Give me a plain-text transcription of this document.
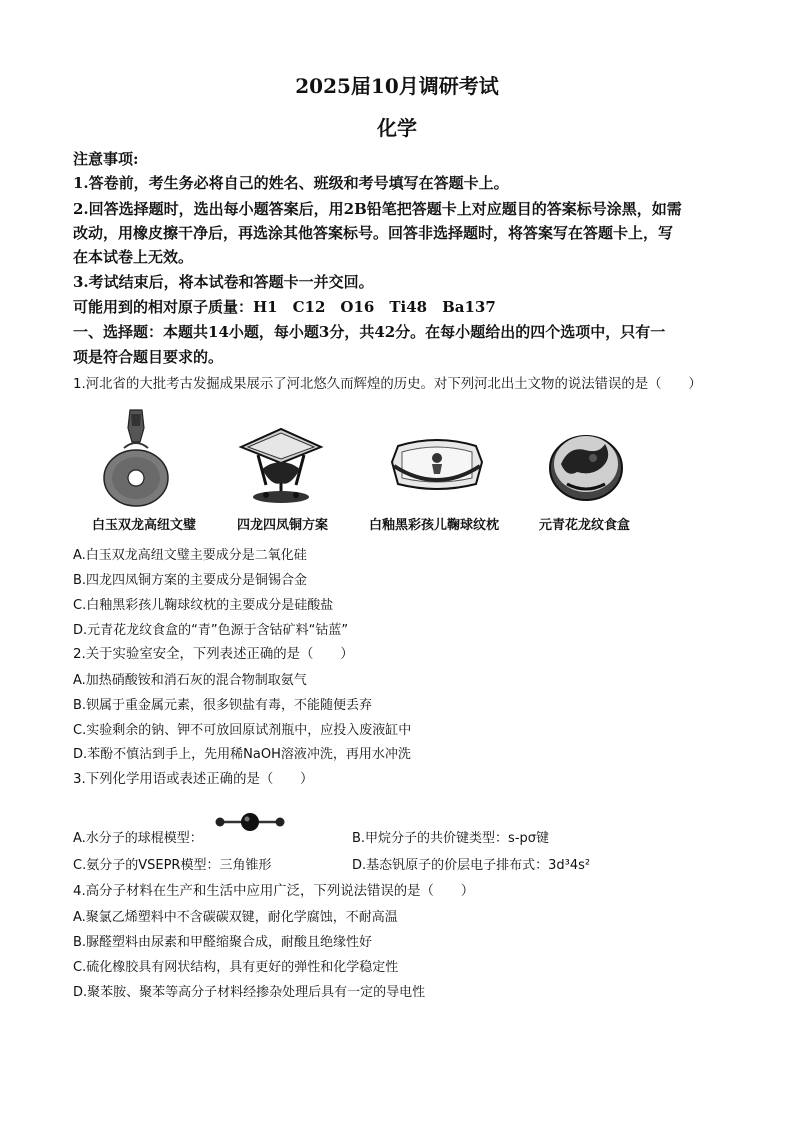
2025届10月调研考试
化学
注意事项:
1.答卷前，考生务必将自己的姓名、班级和考号填写在答题卡上。
2.回答选择题时，选出每小题答案后，用2B铅笔把答题卡上对应题目的答案标号涂黑，如需
改动，用橡皮擦干净后，再选涂其他答案标号。回答非选择题时，将答案写在答题卡上，写
在本试卷上无效。
3.考试结束后，将本试卷和答题卡一并交回。
可能用到的相对原子质量：H1　C12　O16　Ti48　Ba137
一、选择题：本题共14小题，每小题3分，共42分。在每小题给出的四个选项中，只有一
项是符合题目要求的。
1.河北省的大批考古发掘成果展示了河北悠久而辉煌的历史。对下列河北出土文物的说法错误的是（　　）
白玉双龙高纽文璧	四龙四凤铜方案	白釉黑彩孩儿鞠球纹枕	元青花龙纹食盒
A.白玉双龙高纽文璧主要成分是二氧化硅
B.四龙四凤铜方案的主要成分是铜锡合金
C.白釉黑彩孩儿鞠球纹枕的主要成分是硅酸盐
D.元青花龙纹食盒的“青”色源于含钴矿料“钴蓝”
2.关于实验室安全，下列表述正确的是（　　）
A.加热硝酸铵和消石灰的混合物制取氨气
B.钡属于重金属元素，很多钡盐有毒，不能随便丢弃
C.实验剩余的钠、钾不可放回原试剂瓶中，应投入废液缸中
D.苯酚不慎沾到手上，先用稀NaOH溶液冲洗，再用水冲洗
3.下列化学用语或表述正确的是（　　）
A.水分子的球棍模型：	B.甲烷分子的共价键类型：s-pσ键
C.氨分子的VSEPR模型：三角锥形	D.基态钒原子的价层电子排布式：3d³4s²
4.高分子材料在生产和生活中应用广泛，下列说法错误的是（　　）
A.聚氯乙烯塑料中不含碳碳双键，耐化学腐蚀，不耐高温
B.脲醛塑料由尿素和甲醛缩聚合成，耐酸且绝缘性好
C.硫化橡胶具有网状结构，具有更好的弹性和化学稳定性
D.聚苯胺、聚苯等高分子材料经掺杂处理后具有一定的导电性
